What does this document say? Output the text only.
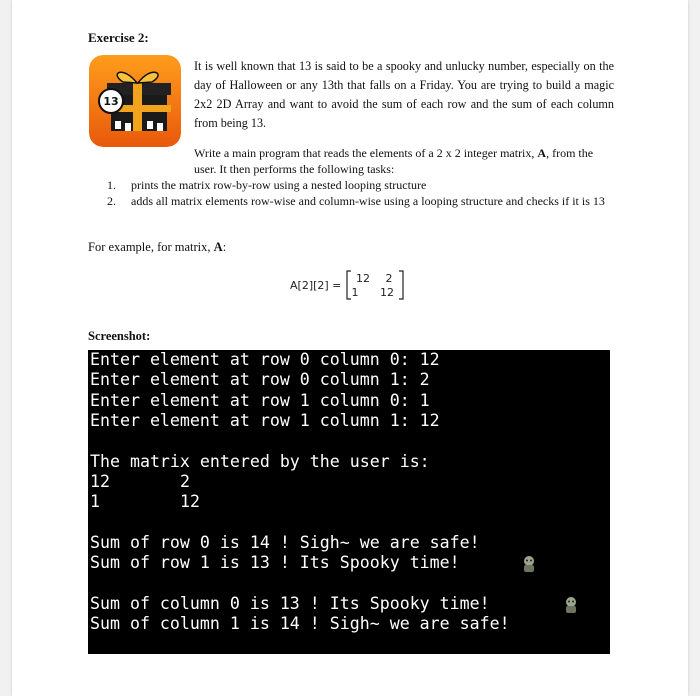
Exercise 2:
13
It is well known that 13 is said to be a spooky and unlucky number, especially on the day of Halloween or any 13th that falls on a Friday. You are trying to build a magic 2x2 2D Array and want to avoid the sum of each row and the sum of each column from being 13.
Write a main program that reads the elements of a 2 x 2 integer matrix, A, from the user. It then performs the following tasks:
1.	prints the matrix row-by-row using a nested looping structure
2.	adds all matrix elements row-wise and column-wise using a looping structure and checks if it is 13
For example, for matrix, A:
A[2][2] = 12 2
1 12
Screenshot:
Enter element at row 0 column 0: 12
Enter element at row 0 column 1: 2
Enter element at row 1 column 0: 1
Enter element at row 1 column 1: 12
The matrix entered by the user is:
12	2
1	12
Sum of row 0 is 14 ! Sigh~ we are safe!
Sum of row 1 is 13 ! Its Spooky time!
Sum of column 0 is 13 ! Its Spooky time!
Sum of column 1 is 14 ! Sigh~ we are safe!
